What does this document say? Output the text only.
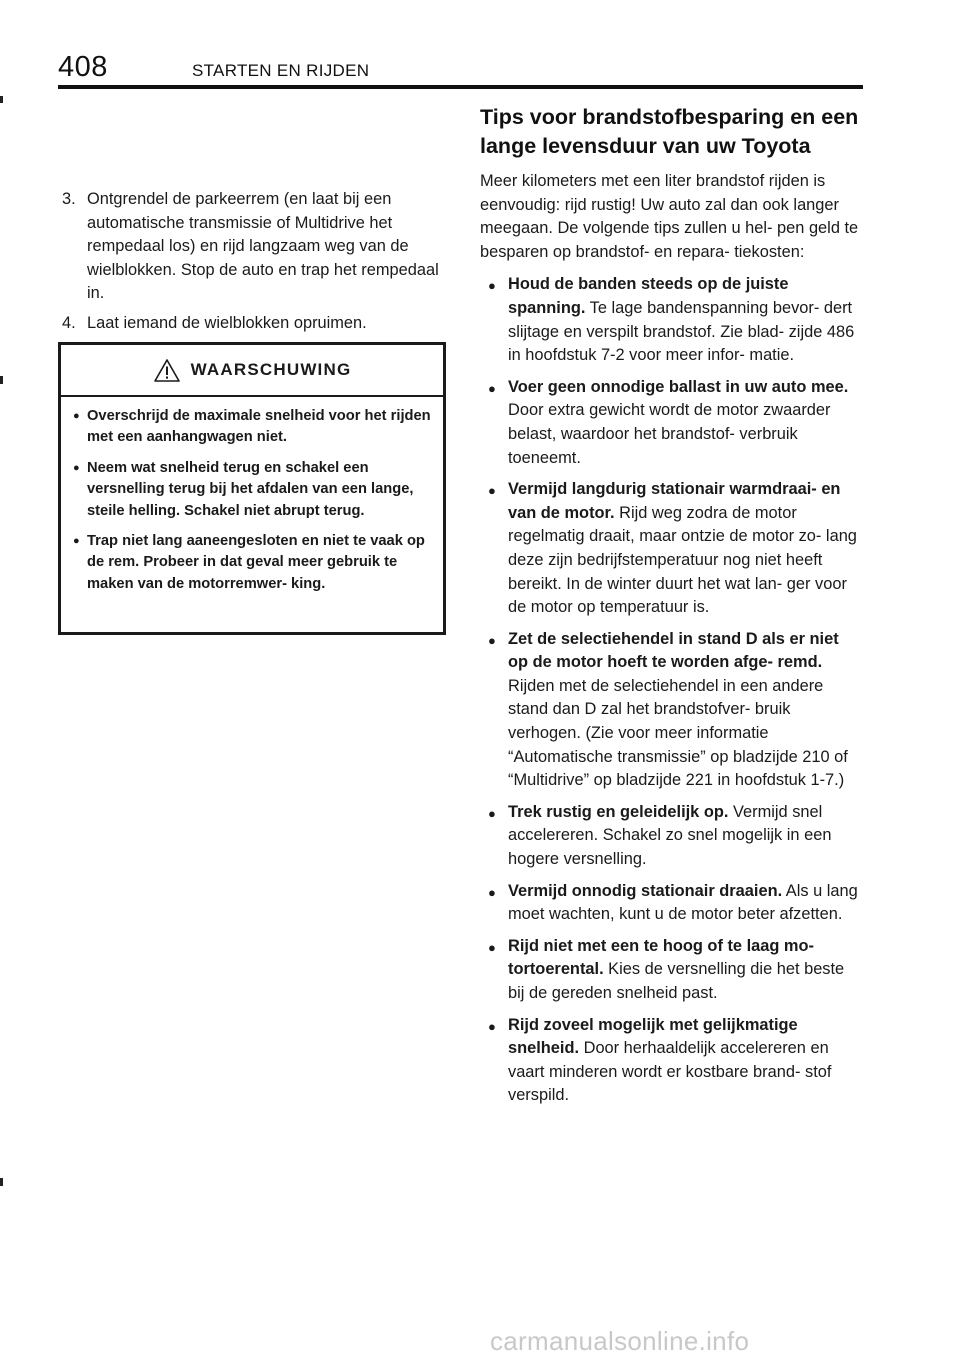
408	STARTEN EN RIJDEN
3. Ontgrendel de parkeerrem (en laat bij een automatische transmissie of Multidrive het rempedaal los) en rijd langzaam weg van de wielblokken. Stop de auto en trap het rempedaal in.
4. Laat iemand de wielblokken opruimen.
WAARSCHUWING
● Overschrijd de maximale snelheid voor het rijden met een aanhangwagen niet.
● Neem wat snelheid terug en schakel een versnelling terug bij het afdalen van een lange, steile helling. Schakel niet abrupt terug.
● Trap niet lang aaneengesloten en niet te vaak op de rem. Probeer in dat geval meer gebruik te maken van de motorremwer- king.
Tips voor brandstofbesparing en een lange levensduur van uw Toyota
Meer kilometers met een liter brandstof rijden is eenvoudig: rijd rustig! Uw auto zal dan ook langer meegaan. De volgende tips zullen u hel- pen geld te besparen op brandstof- en repara- tiekosten:
● Houd de banden steeds op de juiste spanning. Te lage bandenspanning bevor- dert slijtage en verspilt brandstof. Zie blad- zijde 486 in hoofdstuk 7-2 voor meer infor- matie.
● Voer geen onnodige ballast in uw auto mee. Door extra gewicht wordt de motor zwaarder belast, waardoor het brandstof- verbruik toeneemt.
● Vermijd langdurig stationair warmdraai- en van de motor. Rijd weg zodra de motor regelmatig draait, maar ontzie de motor zo- lang deze zijn bedrijfstemperatuur nog niet heeft bereikt. In de winter duurt het wat lan- ger voor de motor op temperatuur is.
● Zet de selectiehendel in stand D als er niet op de motor hoeft te worden afge- remd. Rijden met de selectiehendel in een andere stand dan D zal het brandstofver- bruik verhogen. (Zie voor meer informatie “Automatische transmissie” op bladzijde 210 of “Multidrive” op bladzijde 221 in hoofdstuk 1-7.)
● Trek rustig en geleidelijk op. Vermijd snel accelereren. Schakel zo snel mogelijk in een hogere versnelling.
● Vermijd onnodig stationair draaien. Als u lang moet wachten, kunt u de motor beter afzetten.
● Rijd niet met een te hoog of te laag mo- tortoerental. Kies de versnelling die het beste bij de gereden snelheid past.
● Rijd zoveel mogelijk met gelijkmatige snelheid. Door herhaaldelijk accelereren en vaart minderen wordt er kostbare brand- stof verspild.
carmanualsonline.info
